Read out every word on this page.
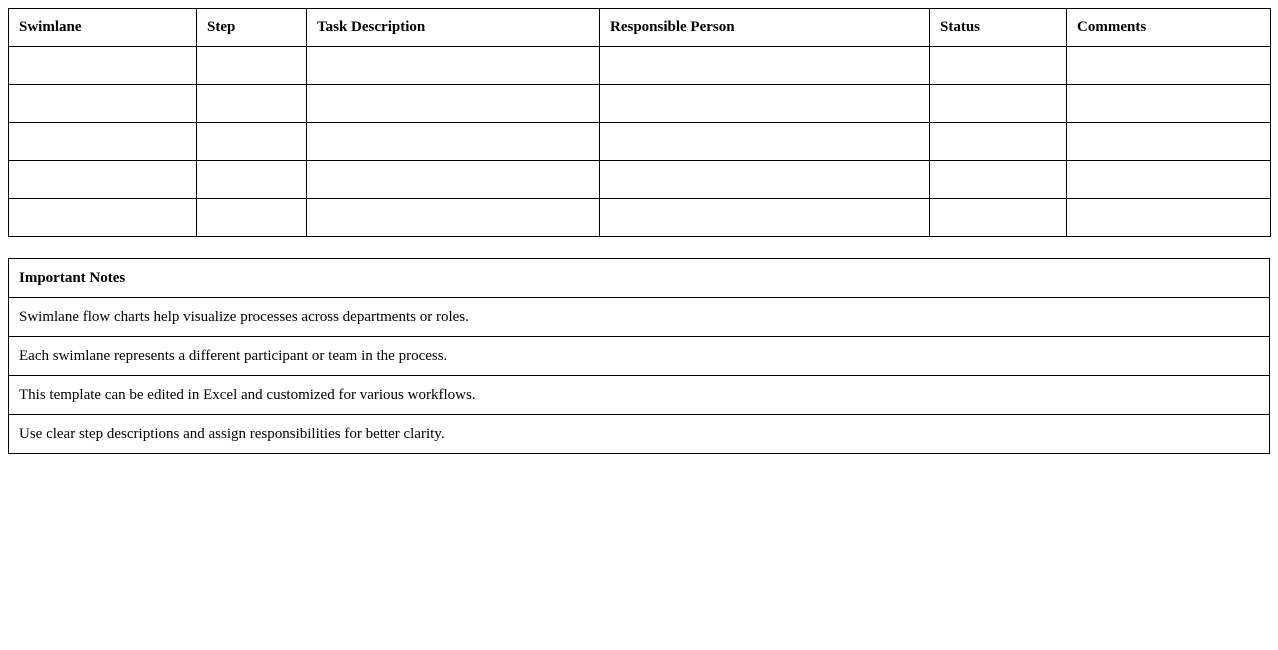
Swimlane	Step	Task Description	Responsible Person	Status	Comments

Important Notes
Swimlane flow charts help visualize processes across departments or roles.
Each swimlane represents a different participant or team in the process.
This template can be edited in Excel and customized for various workflows.
Use clear step descriptions and assign responsibilities for better clarity.
